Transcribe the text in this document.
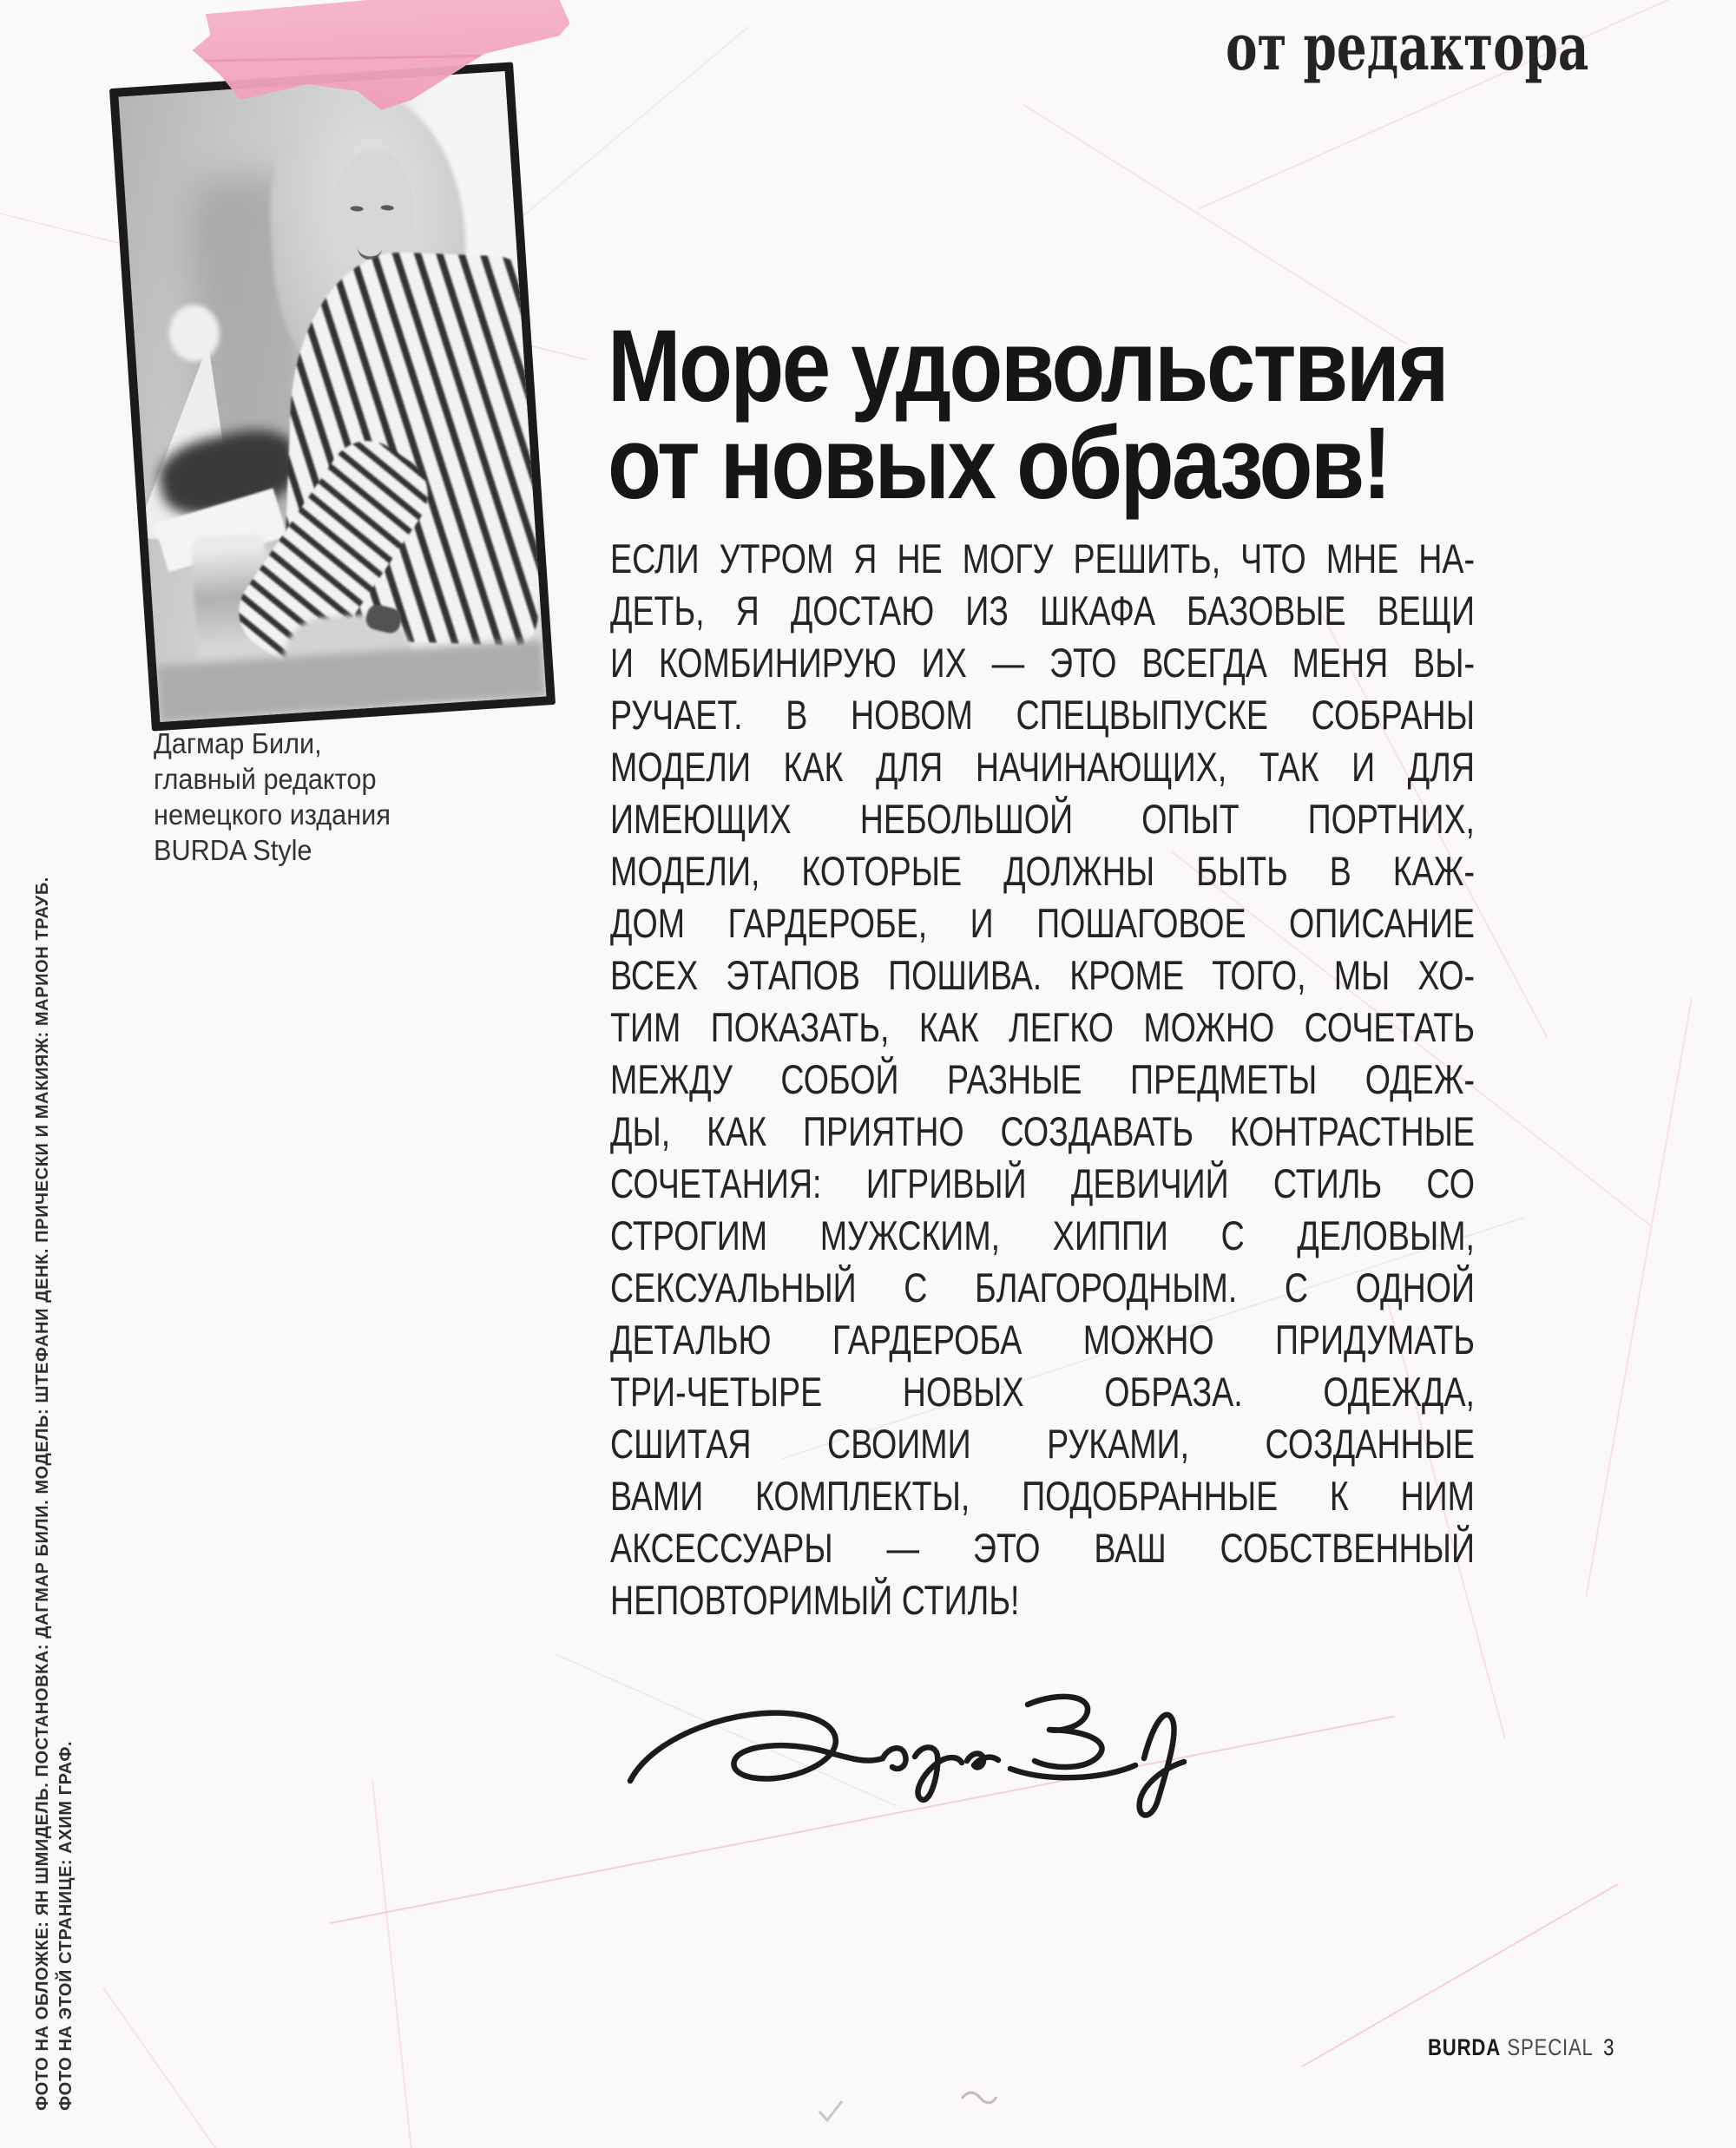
от редактора
Дагмар Били,
главный редактор
немецкого издания
BURDA Style
Море удовольствия
от новых образов!
ЕСЛИ УТРОМ Я НЕ МОГУ РЕШИТЬ, ЧТО МНЕ НА-
ДЕТЬ, Я ДОСТАЮ ИЗ ШКАФА БАЗОВЫЕ ВЕЩИ
И КОМБИНИРУЮ ИХ — ЭТО ВСЕГДА МЕНЯ ВЫ-
РУЧАЕТ. В НОВОМ СПЕЦВЫПУСКЕ СОБРАНЫ
МОДЕЛИ КАК ДЛЯ НАЧИНАЮЩИХ, ТАК И ДЛЯ
ИМЕЮЩИХ НЕБОЛЬШОЙ ОПЫТ ПОРТНИХ,
МОДЕЛИ, КОТОРЫЕ ДОЛЖНЫ БЫТЬ В КАЖ-
ДОМ ГАРДЕРОБЕ, И ПОШАГОВОЕ ОПИСАНИЕ
ВСЕХ ЭТАПОВ ПОШИВА. КРОМЕ ТОГО, МЫ ХО-
ТИМ ПОКАЗАТЬ, КАК ЛЕГКО МОЖНО СОЧЕТАТЬ
МЕЖДУ СОБОЙ РАЗНЫЕ ПРЕДМЕТЫ ОДЕЖ-
ДЫ, КАК ПРИЯТНО СОЗДАВАТЬ КОНТРАСТНЫЕ
СОЧЕТАНИЯ: ИГРИВЫЙ ДЕВИЧИЙ СТИЛЬ СО
СТРОГИМ МУЖСКИМ, ХИППИ С ДЕЛОВЫМ,
СЕКСУАЛЬНЫЙ С БЛАГОРОДНЫМ. С ОДНОЙ
ДЕТАЛЬЮ ГАРДЕРОБА МОЖНО ПРИДУМАТЬ
ТРИ-ЧЕТЫРЕ НОВЫХ ОБРАЗА. ОДЕЖДА,
СШИТАЯ СВОИМИ РУКАМИ, СОЗДАННЫЕ
ВАМИ КОМПЛЕКТЫ, ПОДОБРАННЫЕ К НИМ
АКСЕССУАРЫ — ЭТО ВАШ СОБСТВЕННЫЙ
НЕПОВТОРИМЫЙ СТИЛЬ!
ФОТО НА ОБЛОЖКЕ: ЯН ШМИДЕЛЬ. ПОСТАНОВКА: ДАГМАР БИЛИ. МОДЕЛЬ: ШТЕФАНИ ДЕНК. ПРИЧЕСКИ И МАКИЯЖ: МАРИОН ТРАУБ. ФОТО НА ЭТОЙ СТРАНИЦЕ: АХИМ ГРАФ.	BURDA SPECIAL 3
